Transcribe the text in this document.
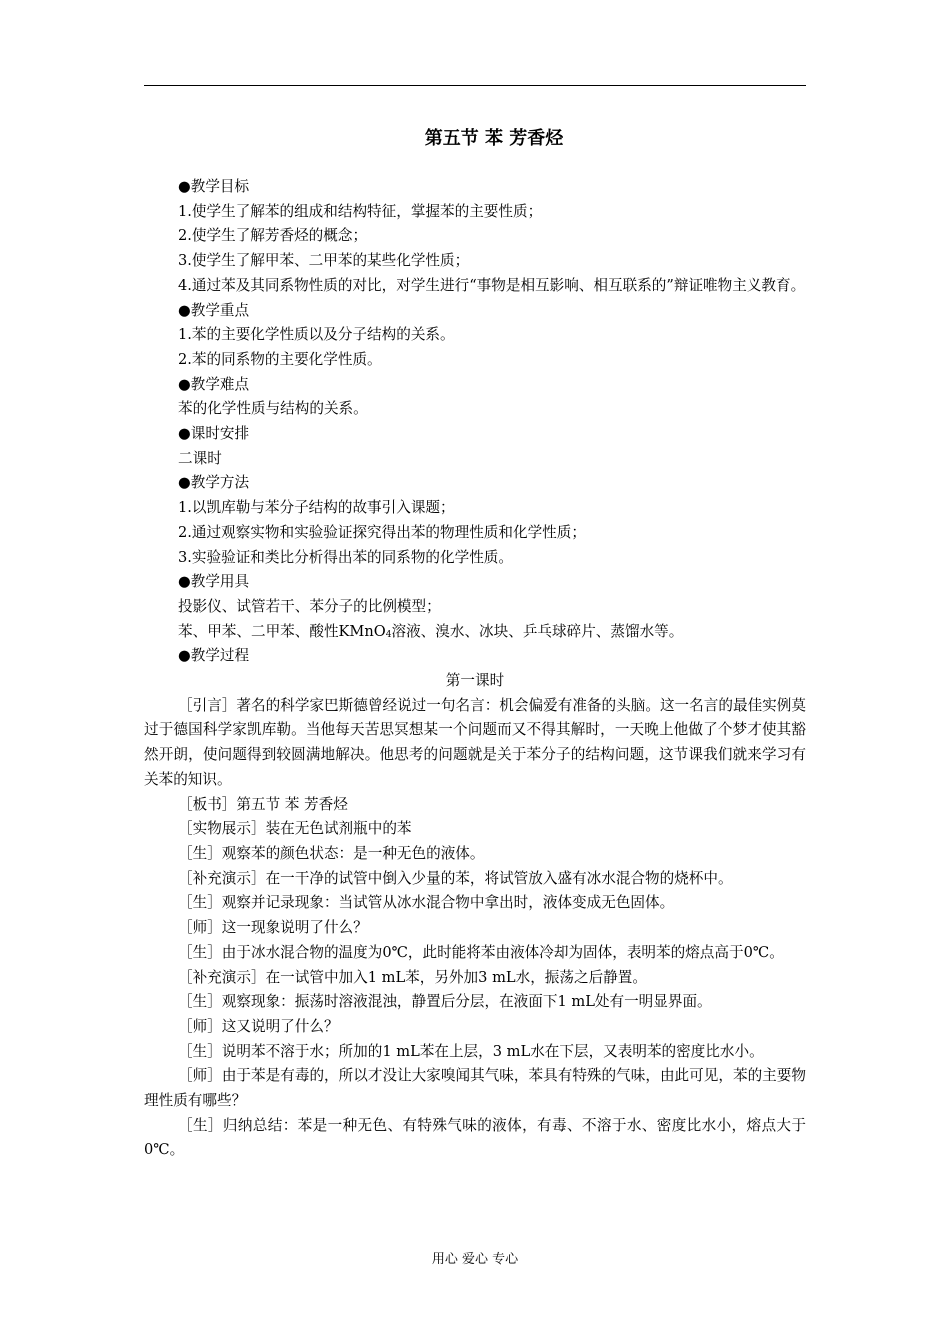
第五节 苯 芳香烃

●教学目标

1.使学生了解苯的组成和结构特征，掌握苯的主要性质；

2.使学生了解芳香烃的概念；

3.使学生了解甲苯、二甲苯的某些化学性质；

4.通过苯及其同系物性质的对比，对学生进行“事物是相互影响、相互联系的”辩证唯物主义教育。

●教学重点

1.苯的主要化学性质以及分子结构的关系。

2.苯的同系物的主要化学性质。

●教学难点

苯的化学性质与结构的关系。

●课时安排

二课时

●教学方法

1.以凯库勒与苯分子结构的故事引入课题；

2.通过观察实物和实验验证探究得出苯的物理性质和化学性质；

3.实验验证和类比分析得出苯的同系物的化学性质。

●教学用具

投影仪、试管若干、苯分子的比例模型；

苯、甲苯、二甲苯、酸性KMnO$_4$溶液、溴水、冰块、乒乓球碎片、蒸馏水等。

●教学过程

第一课时

［引言］著名的科学家巴斯德曾经说过一句名言：机会偏爱有准备的头脑。这一名言的最佳实例莫过于德国科学家凯库勒。当他每天苦思冥想某一个问题而又不得其解时，一天晚上他做了个梦才使其豁然开朗，使问题得到较圆满地解决。他思考的问题就是关于苯分子的结构问题，这节课我们就来学习有关苯的知识。

［板书］第五节 苯 芳香烃

［实物展示］装在无色试剂瓶中的苯

［生］观察苯的颜色状态：是一种无色的液体。

［补充演示］在一干净的试管中倒入少量的苯，将试管放入盛有冰水混合物的烧杯中。

［生］观察并记录现象：当试管从冰水混合物中拿出时，液体变成无色固体。

［师］这一现象说明了什么？

［生］由于冰水混合物的温度为0℃，此时能将苯由液体冷却为固体，表明苯的熔点高于0℃。

［补充演示］在一试管中加入1 mL苯，另外加3 mL水，振荡之后静置。

［生］观察现象：振荡时溶液混浊，静置后分层，在液面下1 mL处有一明显界面。

［师］这又说明了什么？

［生］说明苯不溶于水；所加的1 mL苯在上层，3 mL水在下层，又表明苯的密度比水小。

［师］由于苯是有毒的，所以才没让大家嗅闻其气味，苯具有特殊的气味，由此可见，苯的主要物理性质有哪些？

［生］归纳总结：苯是一种无色、有特殊气味的液体，有毒、不溶于水、密度比水小，熔点大于0℃。

用心 爱心 专心
